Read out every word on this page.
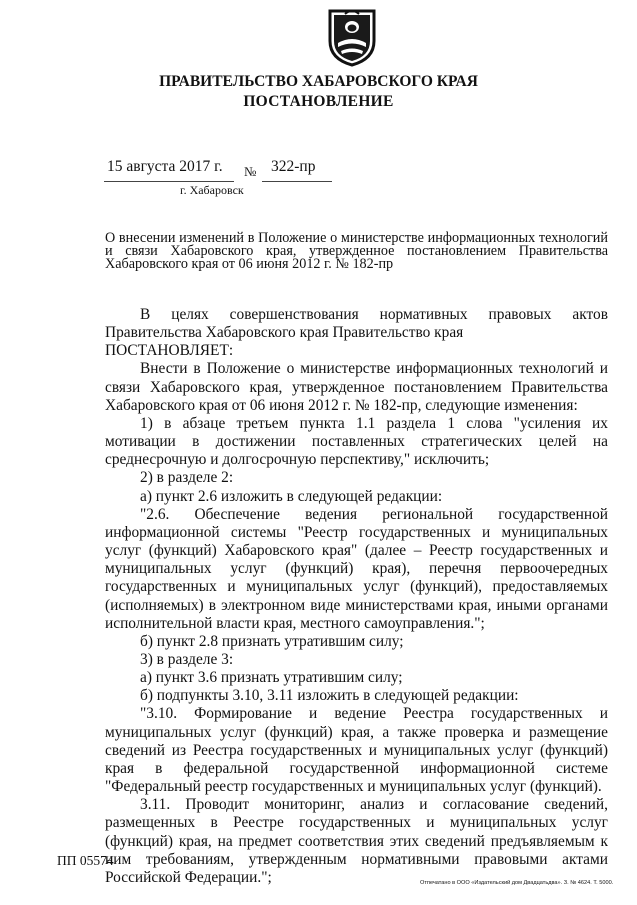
ПРАВИТЕЛЬСТВО ХАБАРОВСКОГО КРАЯ
ПОСТАНОВЛЕНИЕ
15 августа 2017 г. № 322-пр
г. Хабаровск
О внесении изменений в Положение о министерстве информационных технологий и связи Хабаровского края, утвержденное постановлением Правительства Хабаровского края от 06 июня 2012 г. № 182-пр

В целях совершенствования нормативных правовых актов Правительства Хабаровского края Правительство края

ПОСТАНОВЛЯЕТ:

Внести в Положение о министерстве информационных технологий и связи Хабаровского края, утвержденное постановлением Правительства Хабаровского края от 06 июня 2012 г. № 182-пр, следующие изменения:

1) в абзаце третьем пункта 1.1 раздела 1 слова "усиления их мотивации в достижении поставленных стратегических целей на среднесрочную и долгосрочную перспективу," исключить;

2) в разделе 2:

а) пункт 2.6 изложить в следующей редакции:

"2.6. Обеспечение ведения региональной государственной информационной системы "Реестр государственных и муниципальных услуг (функций) Хабаровского края" (далее – Реестр государственных и муниципальных услуг (функций) края), перечня первоочередных государственных и муниципальных услуг (функций), предоставляемых (исполняемых) в электронном виде министерствами края, иными органами исполнительной власти края, местного самоуправления.";

б) пункт 2.8 признать утратившим силу;

3) в разделе 3:

а) пункт 3.6 признать утратившим силу;

б) подпункты 3.10, 3.11 изложить в следующей редакции:

"3.10. Формирование и ведение Реестра государственных и муниципальных услуг (функций) края, а также проверка и размещение сведений из Реестра государственных и муниципальных услуг (функций) края в федеральной государственной информационной системе "Федеральный реестр государственных и муниципальных услуг (функций).

3.11. Проводит мониторинг, анализ и согласование сведений, размещенных в Реестре государственных и муниципальных услуг (функций) края, на предмет соответствия этих сведений предъявляемым к ним требованиям, утвержденным нормативными правовыми актами Российской Федерации.";

ПП 05574
Отпечатано в ООО «Издательский дом Двадцатьдва». З. № 4624. Т. 5000.
